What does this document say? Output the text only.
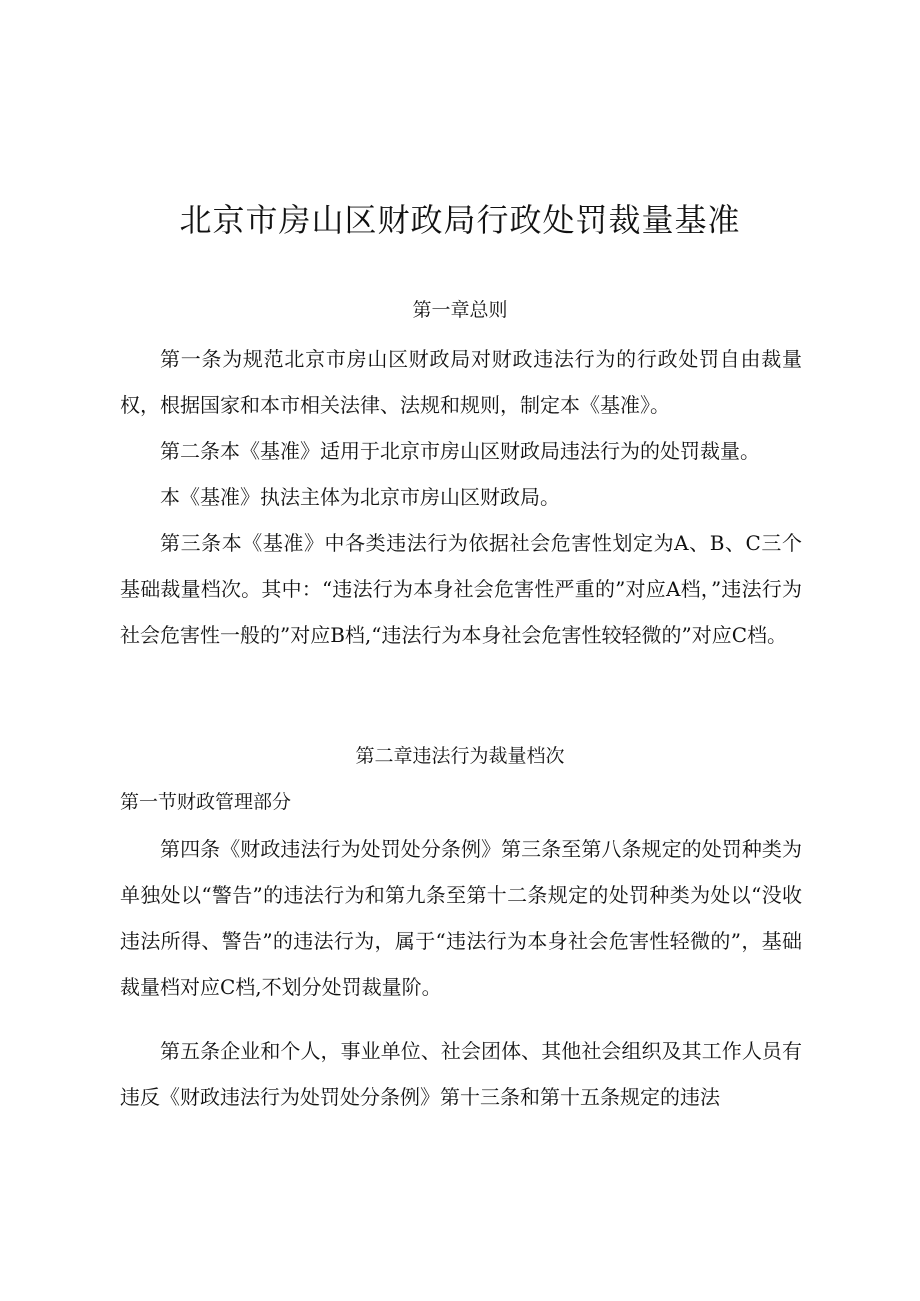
北京市房山区财政局行政处罚裁量基准
第一章总则

第一条为规范北京市房山区财政局对财政违法行为的行政处罚自由裁量权，根据国家和本市相关法律、法规和规则，制定本《基准》。

第二条本《基准》适用于北京市房山区财政局违法行为的处罚裁量。

本《基准》执法主体为北京市房山区财政局。

第三条本《基准》中各类违法行为依据社会危害性划定为A、B、C三个基础裁量档次。其中：“违法行为本身社会危害性严重的”对应A档，”违法行为社会危害性一般的”对应B档,“违法行为本身社会危害性较轻微的”对应C档。

第二章违法行为裁量档次
第一节财政管理部分

第四条《财政违法行为处罚处分条例》第三条至第八条规定的处罚种类为单独处以“警告”的违法行为和第九条至第十二条规定的处罚种类为处以“没收违法所得、警告”的违法行为，属于“违法行为本身社会危害性轻微的”，基础裁量档对应C档,不划分处罚裁量阶。

第五条企业和个人，事业单位、社会团体、其他社会组织及其工作人员有违反《财政违法行为处罚处分条例》第十三条和第十五条规定的违法
